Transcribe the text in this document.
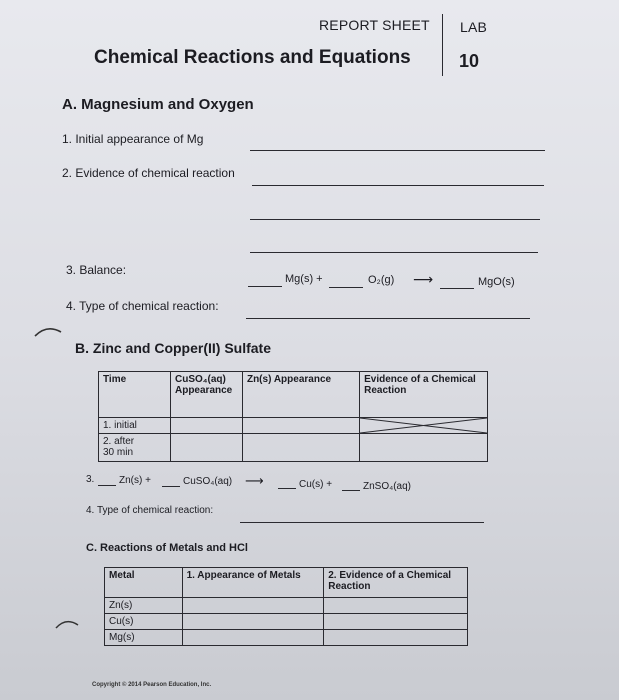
REPORT SHEET LAB
Chemical Reactions and Equations	10
A. Magnesium and Oxygen
1. Initial appearance of Mg
2. Evidence of chemical reaction
3. Balance:
Mg(s) +	O₂(g) ⟶	MgO(s)
4. Type of chemical reaction:
B. Zinc and Copper(II) Sulfate
Time	CuSO₄(aq) Appearance	Zn(s) Appearance	Evidence of a Chemical Reaction
1. initial			

2. after
30 min			

3. Zn(s) +	CuSO₄(aq) ⟶	Cu(s) +	ZnSO₄(aq)
4. Type of chemical reaction:
C. Reactions of Metals and HCl
Metal	1. Appearance of Metals	2. Evidence of a Chemical Reaction
Zn(s)		
Cu(s)		
Mg(s)		
Copyright © 2014 Pearson Education, Inc.
